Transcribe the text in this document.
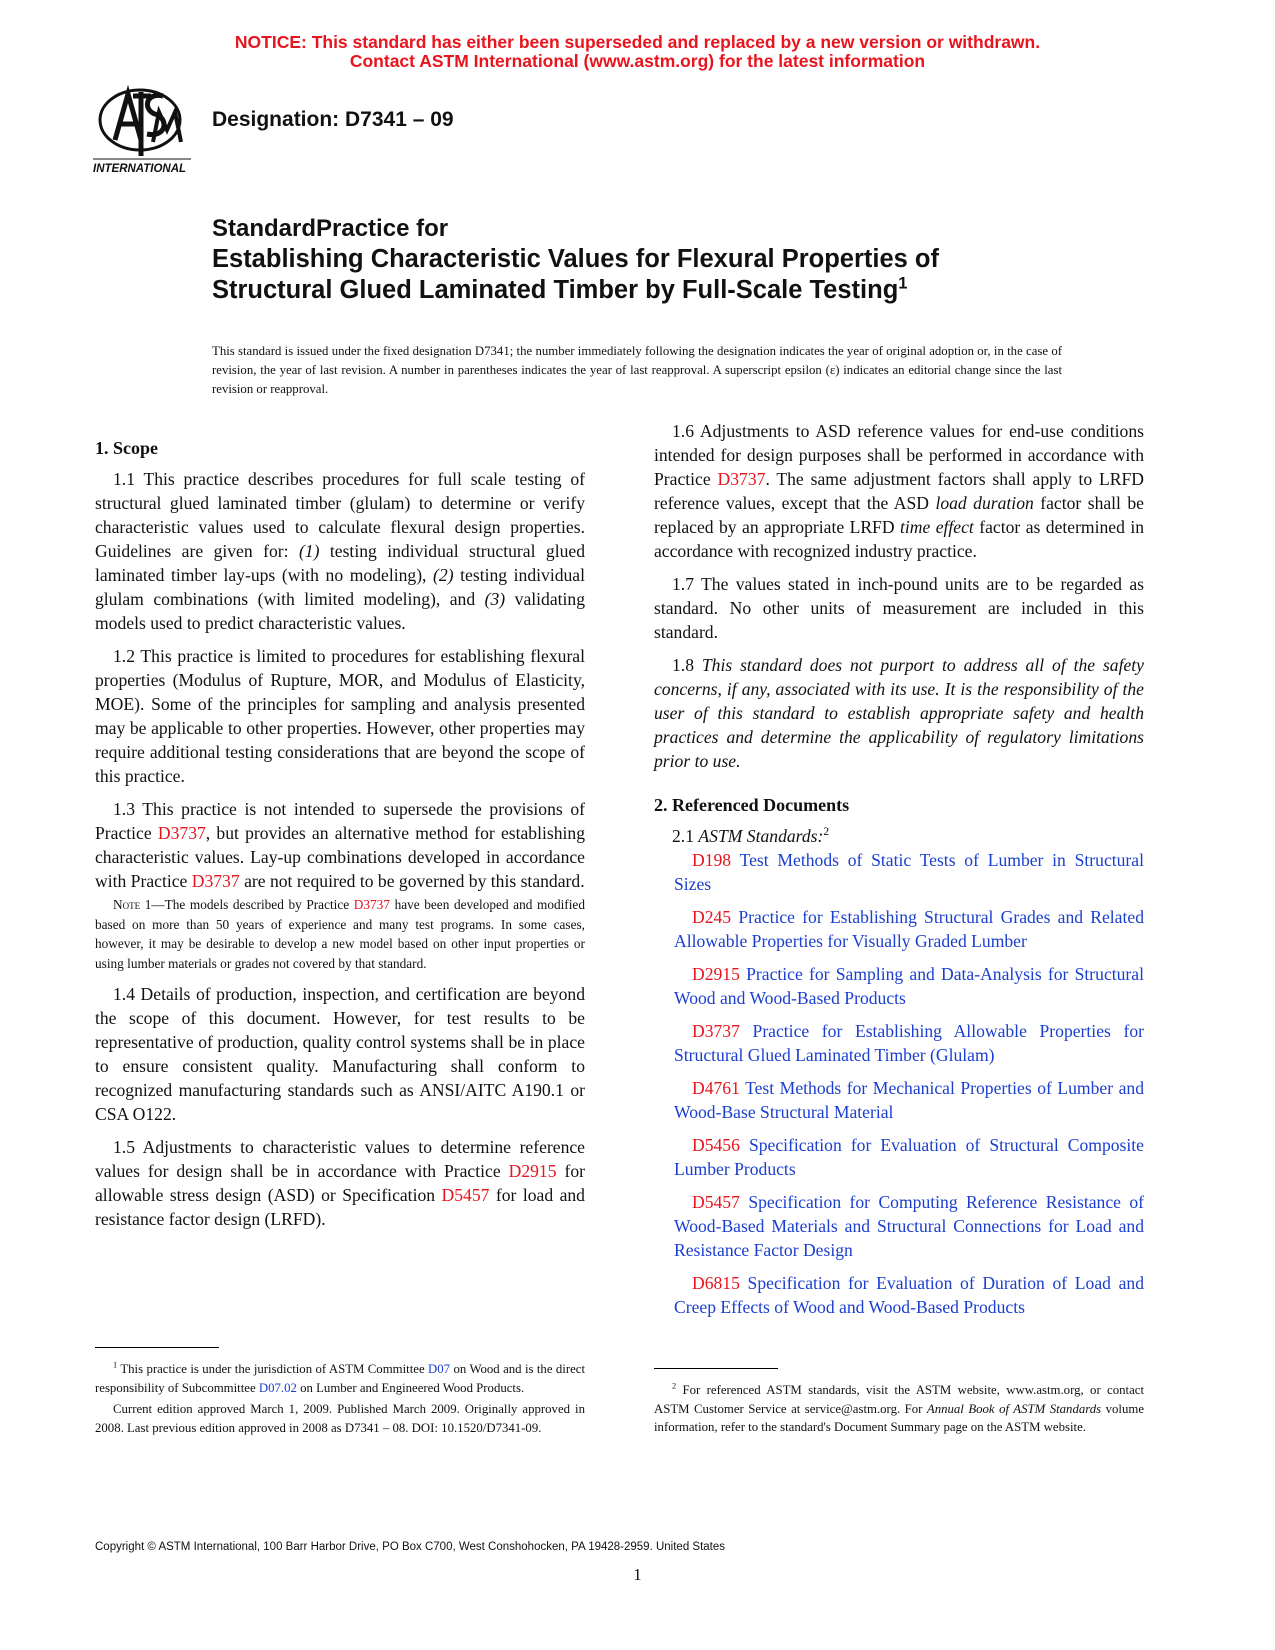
NOTICE: This standard has either been superseded and replaced by a new version or withdrawn.
Contact ASTM International (www.astm.org) for the latest information
INTERNATIONAL
Designation: D7341 – 09
StandardPractice for
Establishing Characteristic Values for Flexural Properties of
Structural Glued Laminated Timber by Full-Scale Testing$^1$
This standard is issued under the fixed designation D7341; the number immediately following the designation indicates the year of original adoption or, in the case of revision, the year of last revision. A number in parentheses indicates the year of last reapproval. A superscript epsilon (ε) indicates an editorial change since the last revision or reapproval.
1. Scope

1.1 This practice describes procedures for full scale testing of structural glued laminated timber (glulam) to determine or verify characteristic values used to calculate flexural design properties. Guidelines are given for: (1) testing individual structural glued laminated timber lay-ups (with no modeling), (2) testing individual glulam combinations (with limited modeling), and (3) validating models used to predict characteristic values.

1.2 This practice is limited to procedures for establishing flexural properties (Modulus of Rupture, MOR, and Modulus of Elasticity, MOE). Some of the principles for sampling and analysis presented may be applicable to other properties. However, other properties may require additional testing considerations that are beyond the scope of this practice.

1.3 This practice is not intended to supersede the provisions of Practice D3737, but provides an alternative method for establishing characteristic values. Lay-up combinations developed in accordance with Practice D3737 are not required to be governed by this standard.

Note 1—The models described by Practice D3737 have been developed and modified based on more than 50 years of experience and many test programs. In some cases, however, it may be desirable to develop a new model based on other input properties or using lumber materials or grades not covered by that standard.

1.4 Details of production, inspection, and certification are beyond the scope of this document. However, for test results to be representative of production, quality control systems shall be in place to ensure consistent quality. Manufacturing shall conform to recognized manufacturing standards such as ANSI/AITC A190.1 or CSA O122.

1.5 Adjustments to characteristic values to determine reference values for design shall be in accordance with Practice D2915 for allowable stress design (ASD) or Specification D5457 for load and resistance factor design (LRFD).

1.6 Adjustments to ASD reference values for end-use conditions intended for design purposes shall be performed in accordance with Practice D3737. The same adjustment factors shall apply to LRFD reference values, except that the ASD load duration factor shall be replaced by an appropriate LRFD time effect factor as determined in accordance with recognized industry practice.

1.7 The values stated in inch-pound units are to be regarded as standard. No other units of measurement are included in this standard.

1.8 This standard does not purport to address all of the safety concerns, if any, associated with its use. It is the responsibility of the user of this standard to establish appropriate safety and health practices and determine the applicability of regulatory limitations prior to use.

2. Referenced Documents

2.1 ASTM Standards:$^2$

D198 Test Methods of Static Tests of Lumber in Structural Sizes

D245 Practice for Establishing Structural Grades and Related Allowable Properties for Visually Graded Lumber

D2915 Practice for Sampling and Data-Analysis for Structural Wood and Wood-Based Products

D3737 Practice for Establishing Allowable Properties for Structural Glued Laminated Timber (Glulam)

D4761 Test Methods for Mechanical Properties of Lumber and Wood-Base Structural Material

D5456 Specification for Evaluation of Structural Composite Lumber Products

D5457 Specification for Computing Reference Resistance of Wood-Based Materials and Structural Connections for Load and Resistance Factor Design

D6815 Specification for Evaluation of Duration of Load and Creep Effects of Wood and Wood-Based Products

$^1$ This practice is under the jurisdiction of ASTM Committee D07 on Wood and is the direct responsibility of Subcommittee D07.02 on Lumber and Engineered Wood Products.

Current edition approved March 1, 2009. Published March 2009. Originally approved in 2008. Last previous edition approved in 2008 as D7341 – 08. DOI: 10.1520/D7341-09.

$^2$ For referenced ASTM standards, visit the ASTM website, www.astm.org, or contact ASTM Customer Service at service@astm.org. For Annual Book of ASTM Standards volume information, refer to the standard's Document Summary page on the ASTM website.

Copyright © ASTM International, 100 Barr Harbor Drive, PO Box C700, West Conshohocken, PA 19428-2959. United States
1
